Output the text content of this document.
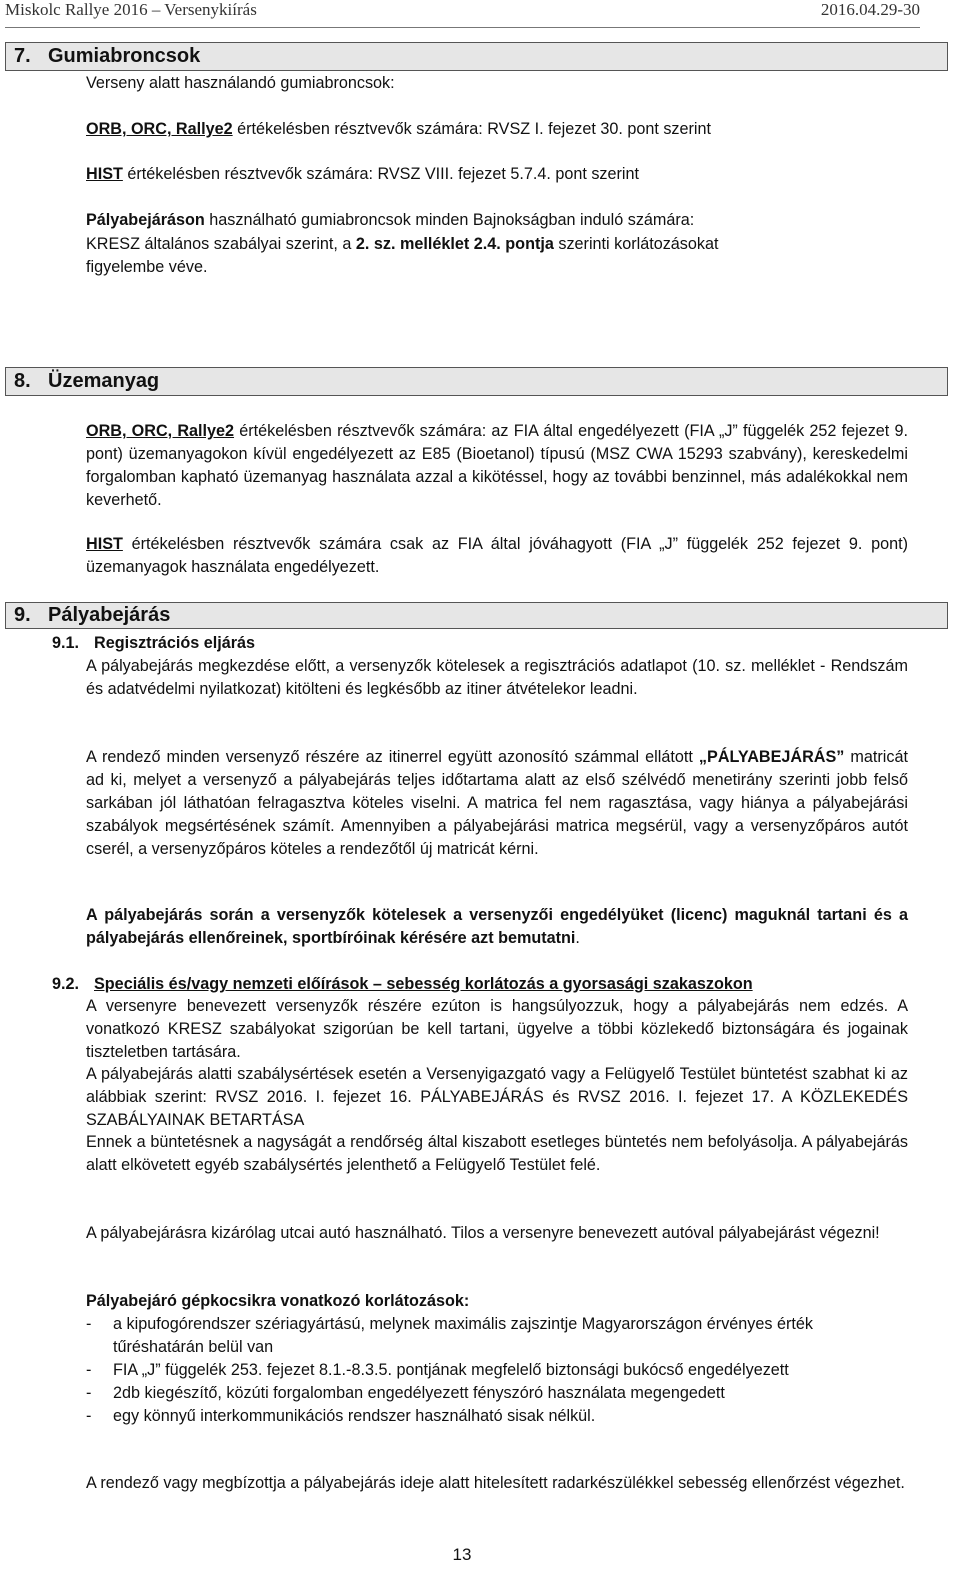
Miskolc Rallye 2016 – Versenykiírás	2016.04.29-30
7. Gumiabroncsok
Verseny alatt használandó gumiabroncsok:
ORB, ORC, Rallye2 értékelésben résztvevők számára: RVSZ I. fejezet 30. pont szerint
HIST értékelésben résztvevők számára: RVSZ VIII. fejezet 5.7.4. pont szerint
Pályabejáráson használható gumiabroncsok minden Bajnokságban induló számára:
KRESZ általános szabályai szerint, a 2. sz. melléklet 2.4. pontja szerinti korlátozásokat
figyelembe véve.
8. Üzemanyag
ORB, ORC, Rallye2 értékelésben résztvevők számára: az FIA által engedélyezett (FIA „J” függelék 252 fejezet 9. pont) üzemanyagokon kívül engedélyezett az E85 (Bioetanol) típusú (MSZ CWA 15293 szabvány), kereskedelmi forgalomban kapható üzemanyag használata azzal a kikötéssel, hogy az további benzinnel, más adalékokkal nem keverhető.
HIST értékelésben résztvevők számára csak az FIA által jóváhagyott (FIA „J” függelék 252 fejezet 9. pont) üzemanyagok használata engedélyezett.
9. Pályabejárás
9.1. Regisztrációs eljárás
A pályabejárás megkezdése előtt, a versenyzők kötelesek a regisztrációs adatlapot (10. sz. melléklet - Rendszám és adatvédelmi nyilatkozat) kitölteni és legkésőbb az itiner átvételekor leadni.
A rendező minden versenyző részére az itinerrel együtt azonosító számmal ellátott „PÁLYABEJÁRÁS” matricát ad ki, melyet a versenyző a pályabejárás teljes időtartama alatt az első szélvédő menetirány szerinti jobb felső sarkában jól láthatóan felragasztva köteles viselni. A matrica fel nem ragasztása, vagy hiánya a pályabejárási szabályok megsértésének számít. Amennyiben a pályabejárási matrica megsérül, vagy a versenyzőpáros autót cserél, a versenyzőpáros köteles a rendezőtől új matricát kérni.
A pályabejárás során a versenyzők kötelesek a versenyzői engedélyüket (licenc) maguknál tartani és a pályabejárás ellenőreinek, sportbíróinak kérésére azt bemutatni.
9.2. Speciális és/vagy nemzeti előírások – sebesség korlátozás a gyorsasági szakaszokon
A versenyre benevezett versenyzők részére ezúton is hangsúlyozzuk, hogy a pályabejárás nem edzés. A vonatkozó KRESZ szabályokat szigorúan be kell tartani, ügyelve a többi közlekedő biztonságára és jogainak tiszteletben tartására.
A pályabejárás alatti szabálysértések esetén a Versenyigazgató vagy a Felügyelő Testület büntetést szabhat ki az alábbiak szerint: RVSZ 2016. I. fejezet 16. PÁLYABEJÁRÁS és RVSZ 2016. I. fejezet 17. A KÖZLEKEDÉS SZABÁLYAINAK BETARTÁSA
Ennek a büntetésnek a nagyságát a rendőrség által kiszabott esetleges büntetés nem befolyásolja. A pályabejárás alatt elkövetett egyéb szabálysértés jelenthető a Felügyelő Testület felé.
A pályabejárásra kizárólag utcai autó használható. Tilos a versenyre benevezett autóval pályabejárást végezni!
Pályabejáró gépkocsikra vonatkozó korlátozások:
- a kipufogórendszer szériagyártású, melynek maximális zajszintje Magyarországon érvényes érték tűréshatárán belül van
- FIA „J” függelék 253. fejezet 8.1.-8.3.5. pontjának megfelelő biztonsági bukócső engedélyezett
- 2db kiegészítő, közúti forgalomban engedélyezett fényszóró használata megengedett
- egy könnyű interkommunikációs rendszer használható sisak nélkül.
A rendező vagy megbízottja a pályabejárás ideje alatt hitelesített radarkészülékkel sebesség ellenőrzést végezhet.
13
